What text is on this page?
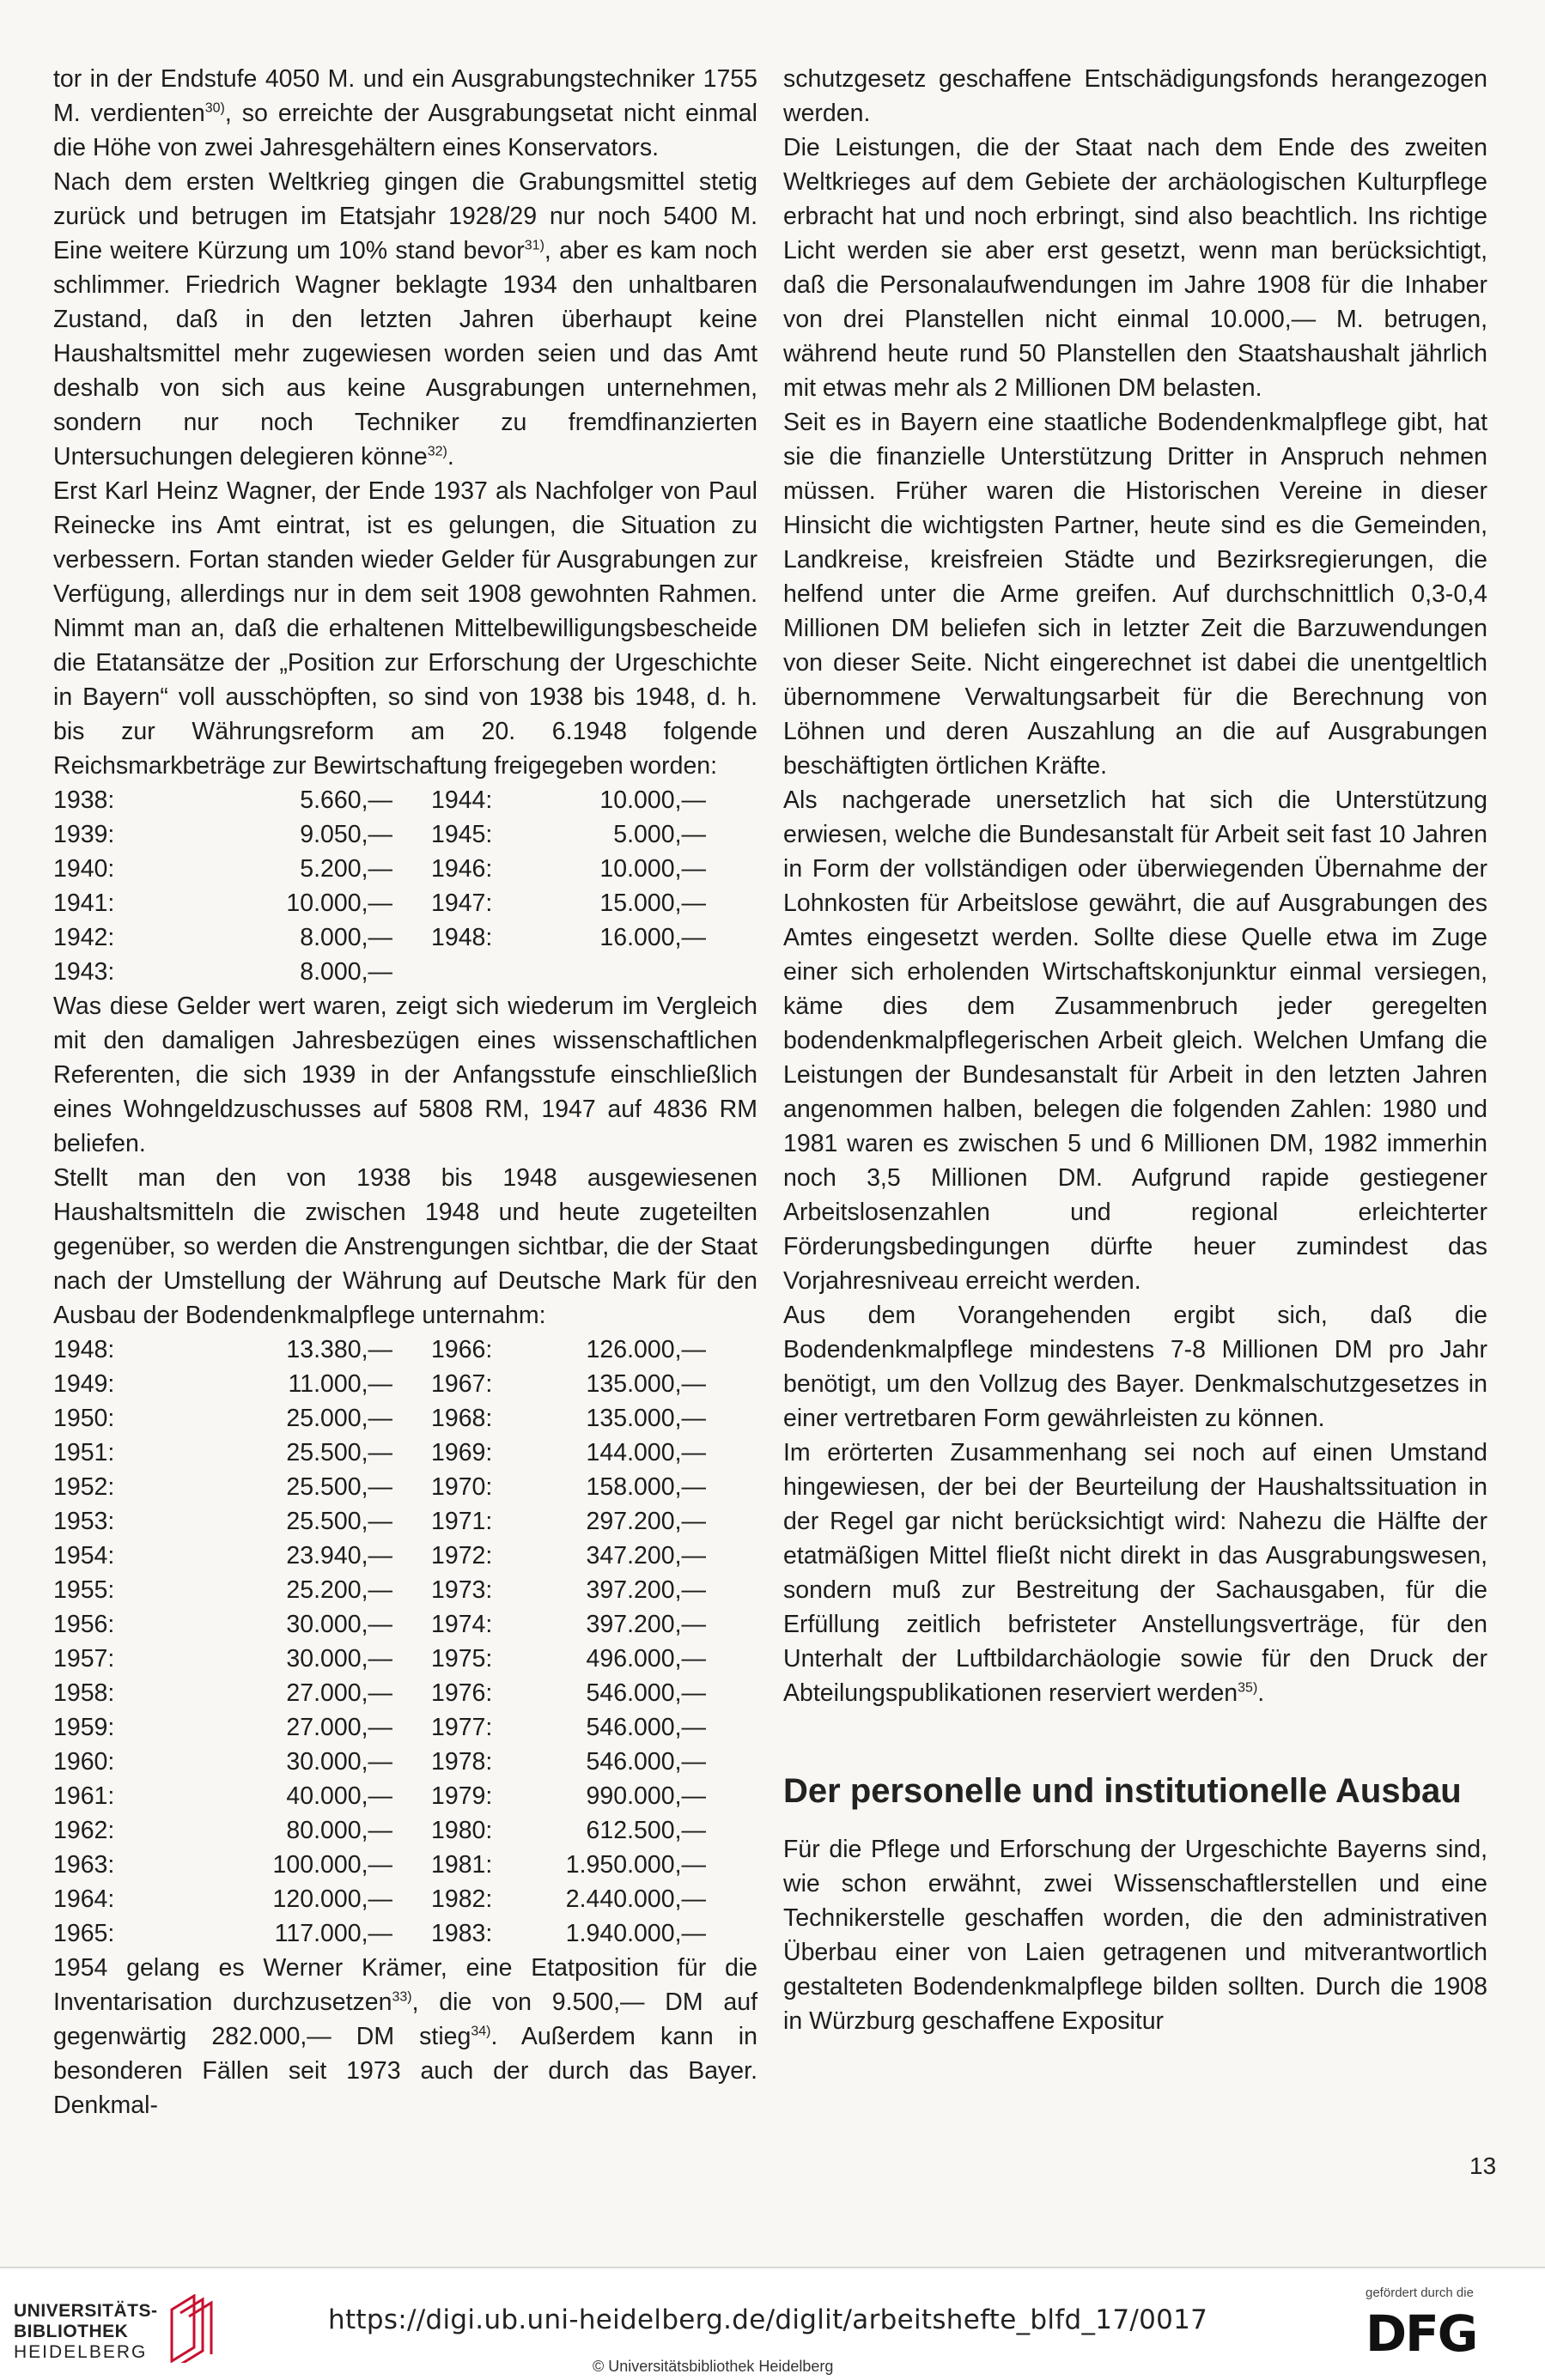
tor in der Endstufe 4050 M. und ein Ausgrabungstechniker 1755 M. verdienten$^{30)}$, so erreichte der Ausgrabungsetat nicht einmal die Höhe von zwei Jahresgehältern eines Konservators.

Nach dem ersten Weltkrieg gingen die Grabungsmittel stetig zurück und betrugen im Etatsjahr 1928/29 nur noch 5400 M. Eine weitere Kürzung um 10% stand bevor$^{31)}$, aber es kam noch schlimmer. Friedrich Wagner beklagte 1934 den unhaltbaren Zustand, daß in den letzten Jahren überhaupt keine Haushaltsmittel mehr zugewiesen worden seien und das Amt deshalb von sich aus keine Ausgrabungen unternehmen, sondern nur noch Techniker zu fremdfinanzierten Untersuchungen delegieren könne$^{32)}$.

Erst Karl Heinz Wagner, der Ende 1937 als Nachfolger von Paul Reinecke ins Amt eintrat, ist es gelungen, die Situation zu verbessern. Fortan standen wieder Gelder für Ausgrabungen zur Verfügung, allerdings nur in dem seit 1908 gewohnten Rahmen. Nimmt man an, daß die erhaltenen Mittelbewilligungsbescheide die Etatansätze der „Position zur Erforschung der Urgeschichte in Bayern“ voll ausschöpften, so sind von 1938 bis 1948, d. h. bis zur Währungsreform am 20. 6.1948 folgende Reichsmarkbeträge zur Bewirtschaftung freigegeben worden:

1938:	5.660,— 1944:	10.000,—
1939:	9.050,— 1945:	5.000,—
1940:	5.200,— 1946:	10.000,—
1941:	10.000,— 1947:	15.000,—
1942:	8.000,— 1948:	16.000,—
1943:	8.000,—

Was diese Gelder wert waren, zeigt sich wiederum im Vergleich mit den damaligen Jahresbezügen eines wissenschaftlichen Referenten, die sich 1939 in der Anfangsstufe einschließlich eines Wohngeldzuschusses auf 5808 RM, 1947 auf 4836 RM beliefen.

Stellt man den von 1938 bis 1948 ausgewiesenen Haushaltsmitteln die zwischen 1948 und heute zugeteilten gegenüber, so werden die Anstrengungen sichtbar, die der Staat nach der Umstellung der Währung auf Deutsche Mark für den Ausbau der Bodendenkmalpflege unternahm:

1948:	13.380,— 1966:	126.000,—
1949:	11.000,— 1967:	135.000,—
1950:	25.000,— 1968:	135.000,—
1951:	25.500,— 1969:	144.000,—
1952:	25.500,— 1970:	158.000,—
1953:	25.500,— 1971:	297.200,—
1954:	23.940,— 1972:	347.200,—
1955:	25.200,— 1973:	397.200,—
1956:	30.000,— 1974:	397.200,—
1957:	30.000,— 1975:	496.000,—
1958:	27.000,— 1976:	546.000,—
1959:	27.000,— 1977:	546.000,—
1960:	30.000,— 1978:	546.000,—
1961:	40.000,— 1979:	990.000,—
1962:	80.000,— 1980:	612.500,—
1963:	100.000,— 1981:	1.950.000,—
1964:	120.000,— 1982:	2.440.000,—
1965:	117.000,— 1983:	1.940.000,—

1954 gelang es Werner Krämer, eine Etatposition für die Inventarisation durchzusetzen$^{33)}$, die von 9.500,— DM auf gegenwärtig 282.000,— DM stieg$^{34)}$. Außerdem kann in besonderen Fällen seit 1973 auch der durch das Bayer. Denkmal-

schutzgesetz geschaffene Entschädigungsfonds herangezogen werden.

Die Leistungen, die der Staat nach dem Ende des zweiten Weltkrieges auf dem Gebiete der archäologischen Kulturpflege erbracht hat und noch erbringt, sind also beachtlich. Ins richtige Licht werden sie aber erst gesetzt, wenn man berücksichtigt, daß die Personalaufwendungen im Jahre 1908 für die Inhaber von drei Planstellen nicht einmal 10.000,— M. betrugen, während heute rund 50 Planstellen den Staatshaushalt jährlich mit etwas mehr als 2 Millionen DM belasten.

Seit es in Bayern eine staatliche Bodendenkmalpflege gibt, hat sie die finanzielle Unterstützung Dritter in Anspruch nehmen müssen. Früher waren die Historischen Vereine in dieser Hinsicht die wichtigsten Partner, heute sind es die Gemeinden, Landkreise, kreisfreien Städte und Bezirksregierungen, die helfend unter die Arme greifen. Auf durchschnittlich 0,3-0,4 Millionen DM beliefen sich in letzter Zeit die Barzuwendungen von dieser Seite. Nicht eingerechnet ist dabei die unentgeltlich übernommene Verwaltungsarbeit für die Berechnung von Löhnen und deren Auszahlung an die auf Ausgrabungen beschäftigten örtlichen Kräfte.

Als nachgerade unersetzlich hat sich die Unterstützung erwiesen, welche die Bundesanstalt für Arbeit seit fast 10 Jahren in Form der vollständigen oder überwiegenden Übernahme der Lohnkosten für Arbeitslose gewährt, die auf Ausgrabungen des Amtes eingesetzt werden. Sollte diese Quelle etwa im Zuge einer sich erholenden Wirtschaftskonjunktur einmal versiegen, käme dies dem Zusammenbruch jeder geregelten bodendenkmalpflegerischen Arbeit gleich. Welchen Umfang die Leistungen der Bundesanstalt für Arbeit in den letzten Jahren angenommen halben, belegen die folgenden Zahlen: 1980 und 1981 waren es zwischen 5 und 6 Millionen DM, 1982 immerhin noch 3,5 Millionen DM. Aufgrund rapide gestiegener Arbeitslosenzahlen und regional erleichterter Förderungsbedingungen dürfte heuer zumindest das Vorjahresniveau erreicht werden.

Aus dem Vorangehenden ergibt sich, daß die Bodendenkmalpflege mindestens 7-8 Millionen DM pro Jahr benötigt, um den Vollzug des Bayer. Denkmalschutzgesetzes in einer vertretbaren Form gewährleisten zu können.

Im erörterten Zusammenhang sei noch auf einen Umstand hingewiesen, der bei der Beurteilung der Haushaltssituation in der Regel gar nicht berücksichtigt wird: Nahezu die Hälfte der etatmäßigen Mittel fließt nicht direkt in das Ausgrabungswesen, sondern muß zur Bestreitung der Sachausgaben, für die Erfüllung zeitlich befristeter Anstellungsverträge, für den Unterhalt der Luftbildarchäologie sowie für den Druck der Abteilungspublikationen reserviert werden$^{35)}$.

Der personelle und institutionelle Ausbau

Für die Pflege und Erforschung der Urgeschichte Bayerns sind, wie schon erwähnt, zwei Wissenschaftlerstellen und eine Technikerstelle geschaffen worden, die den administrativen Überbau einer von Laien getragenen und mitverantwortlich gestalteten Bodendenkmalpflege bilden sollten. Durch die 1908 in Würzburg geschaffene Expositur

13
UNIVERSITÄTS-
BIBLIOTHEK
HEIDELBERG
https://digi.ub.uni-heidelberg.de/diglit/arbeitshefte_blfd_17/0017
© Universitätsbibliothek Heidelberg
gefördert durch die
DFG
